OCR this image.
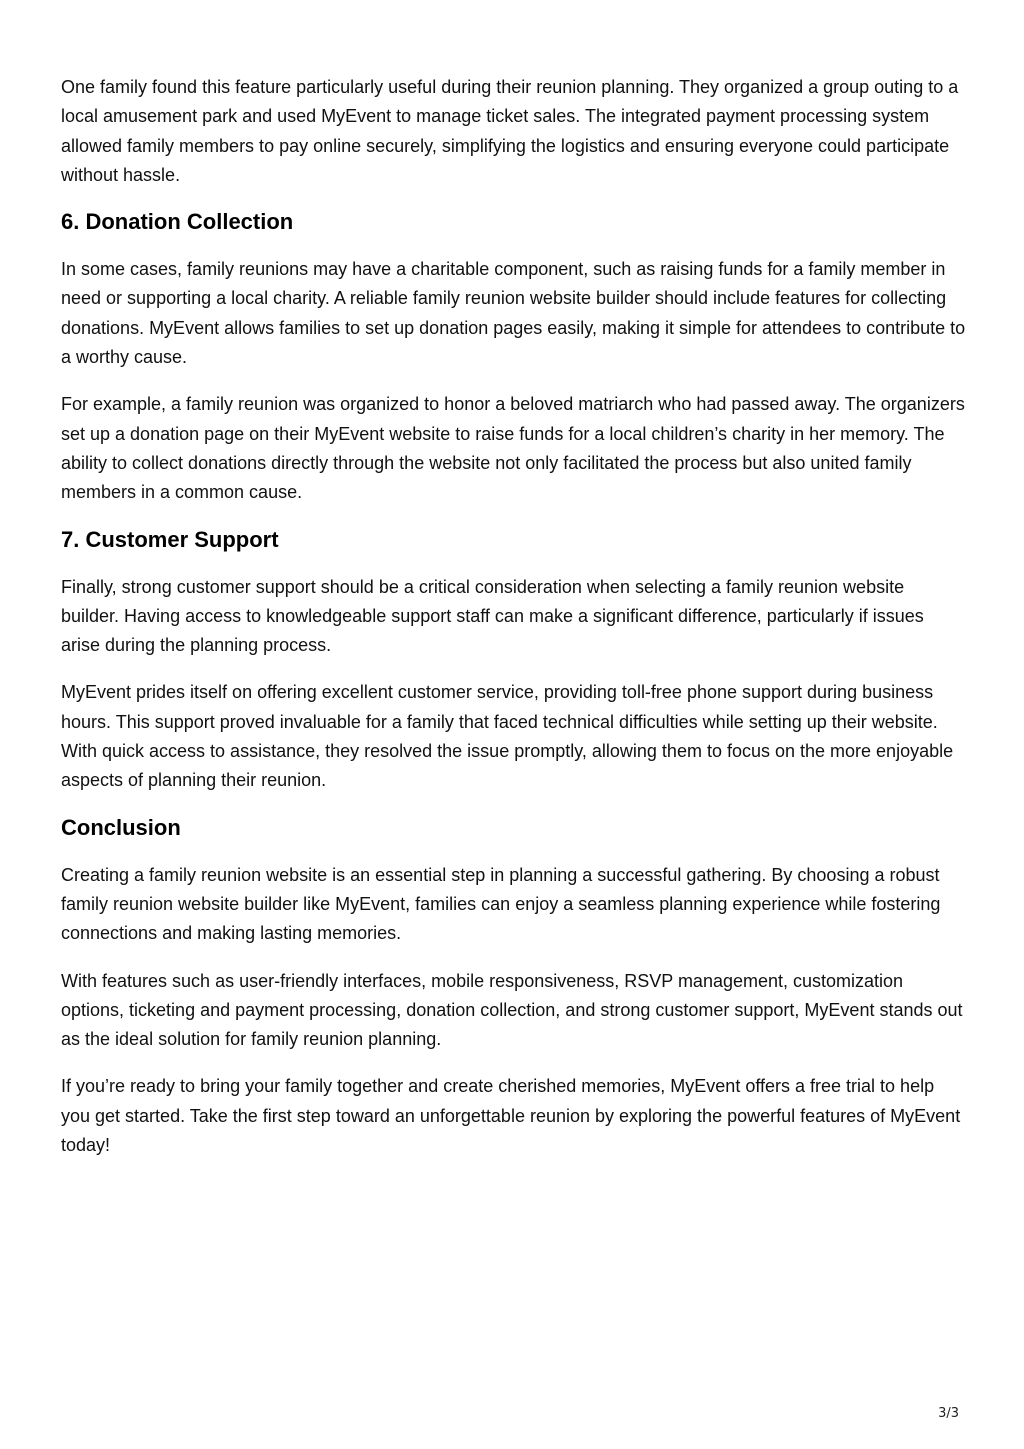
One family found this feature particularly useful during their reunion planning. They organized a group outing to a local amusement park and used MyEvent to manage ticket sales. The integrated payment processing system allowed family members to pay online securely, simplifying the logistics and ensuring everyone could participate without hassle.

6. Donation Collection

In some cases, family reunions may have a charitable component, such as raising funds for a family member in need or supporting a local charity. A reliable family reunion website builder should include features for collecting donations. MyEvent allows families to set up donation pages easily, making it simple for attendees to contribute to a worthy cause.

For example, a family reunion was organized to honor a beloved matriarch who had passed away. The organizers set up a donation page on their MyEvent website to raise funds for a local children’s charity in her memory. The ability to collect donations directly through the website not only facilitated the process but also united family members in a common cause.

7. Customer Support

Finally, strong customer support should be a critical consideration when selecting a family reunion website builder. Having access to knowledgeable support staff can make a significant difference, particularly if issues arise during the planning process.

MyEvent prides itself on offering excellent customer service, providing toll-free phone support during business hours. This support proved invaluable for a family that faced technical difficulties while setting up their website. With quick access to assistance, they resolved the issue promptly, allowing them to focus on the more enjoyable aspects of planning their reunion.

Conclusion

Creating a family reunion website is an essential step in planning a successful gathering. By choosing a robust family reunion website builder like MyEvent, families can enjoy a seamless planning experience while fostering connections and making lasting memories.

With features such as user-friendly interfaces, mobile responsiveness, RSVP management, customization options, ticketing and payment processing, donation collection, and strong customer support, MyEvent stands out as the ideal solution for family reunion planning.

If you’re ready to bring your family together and create cherished memories, MyEvent offers a free trial to help you get started. Take the first step toward an unforgettable reunion by exploring the powerful features of MyEvent today!

3/3
